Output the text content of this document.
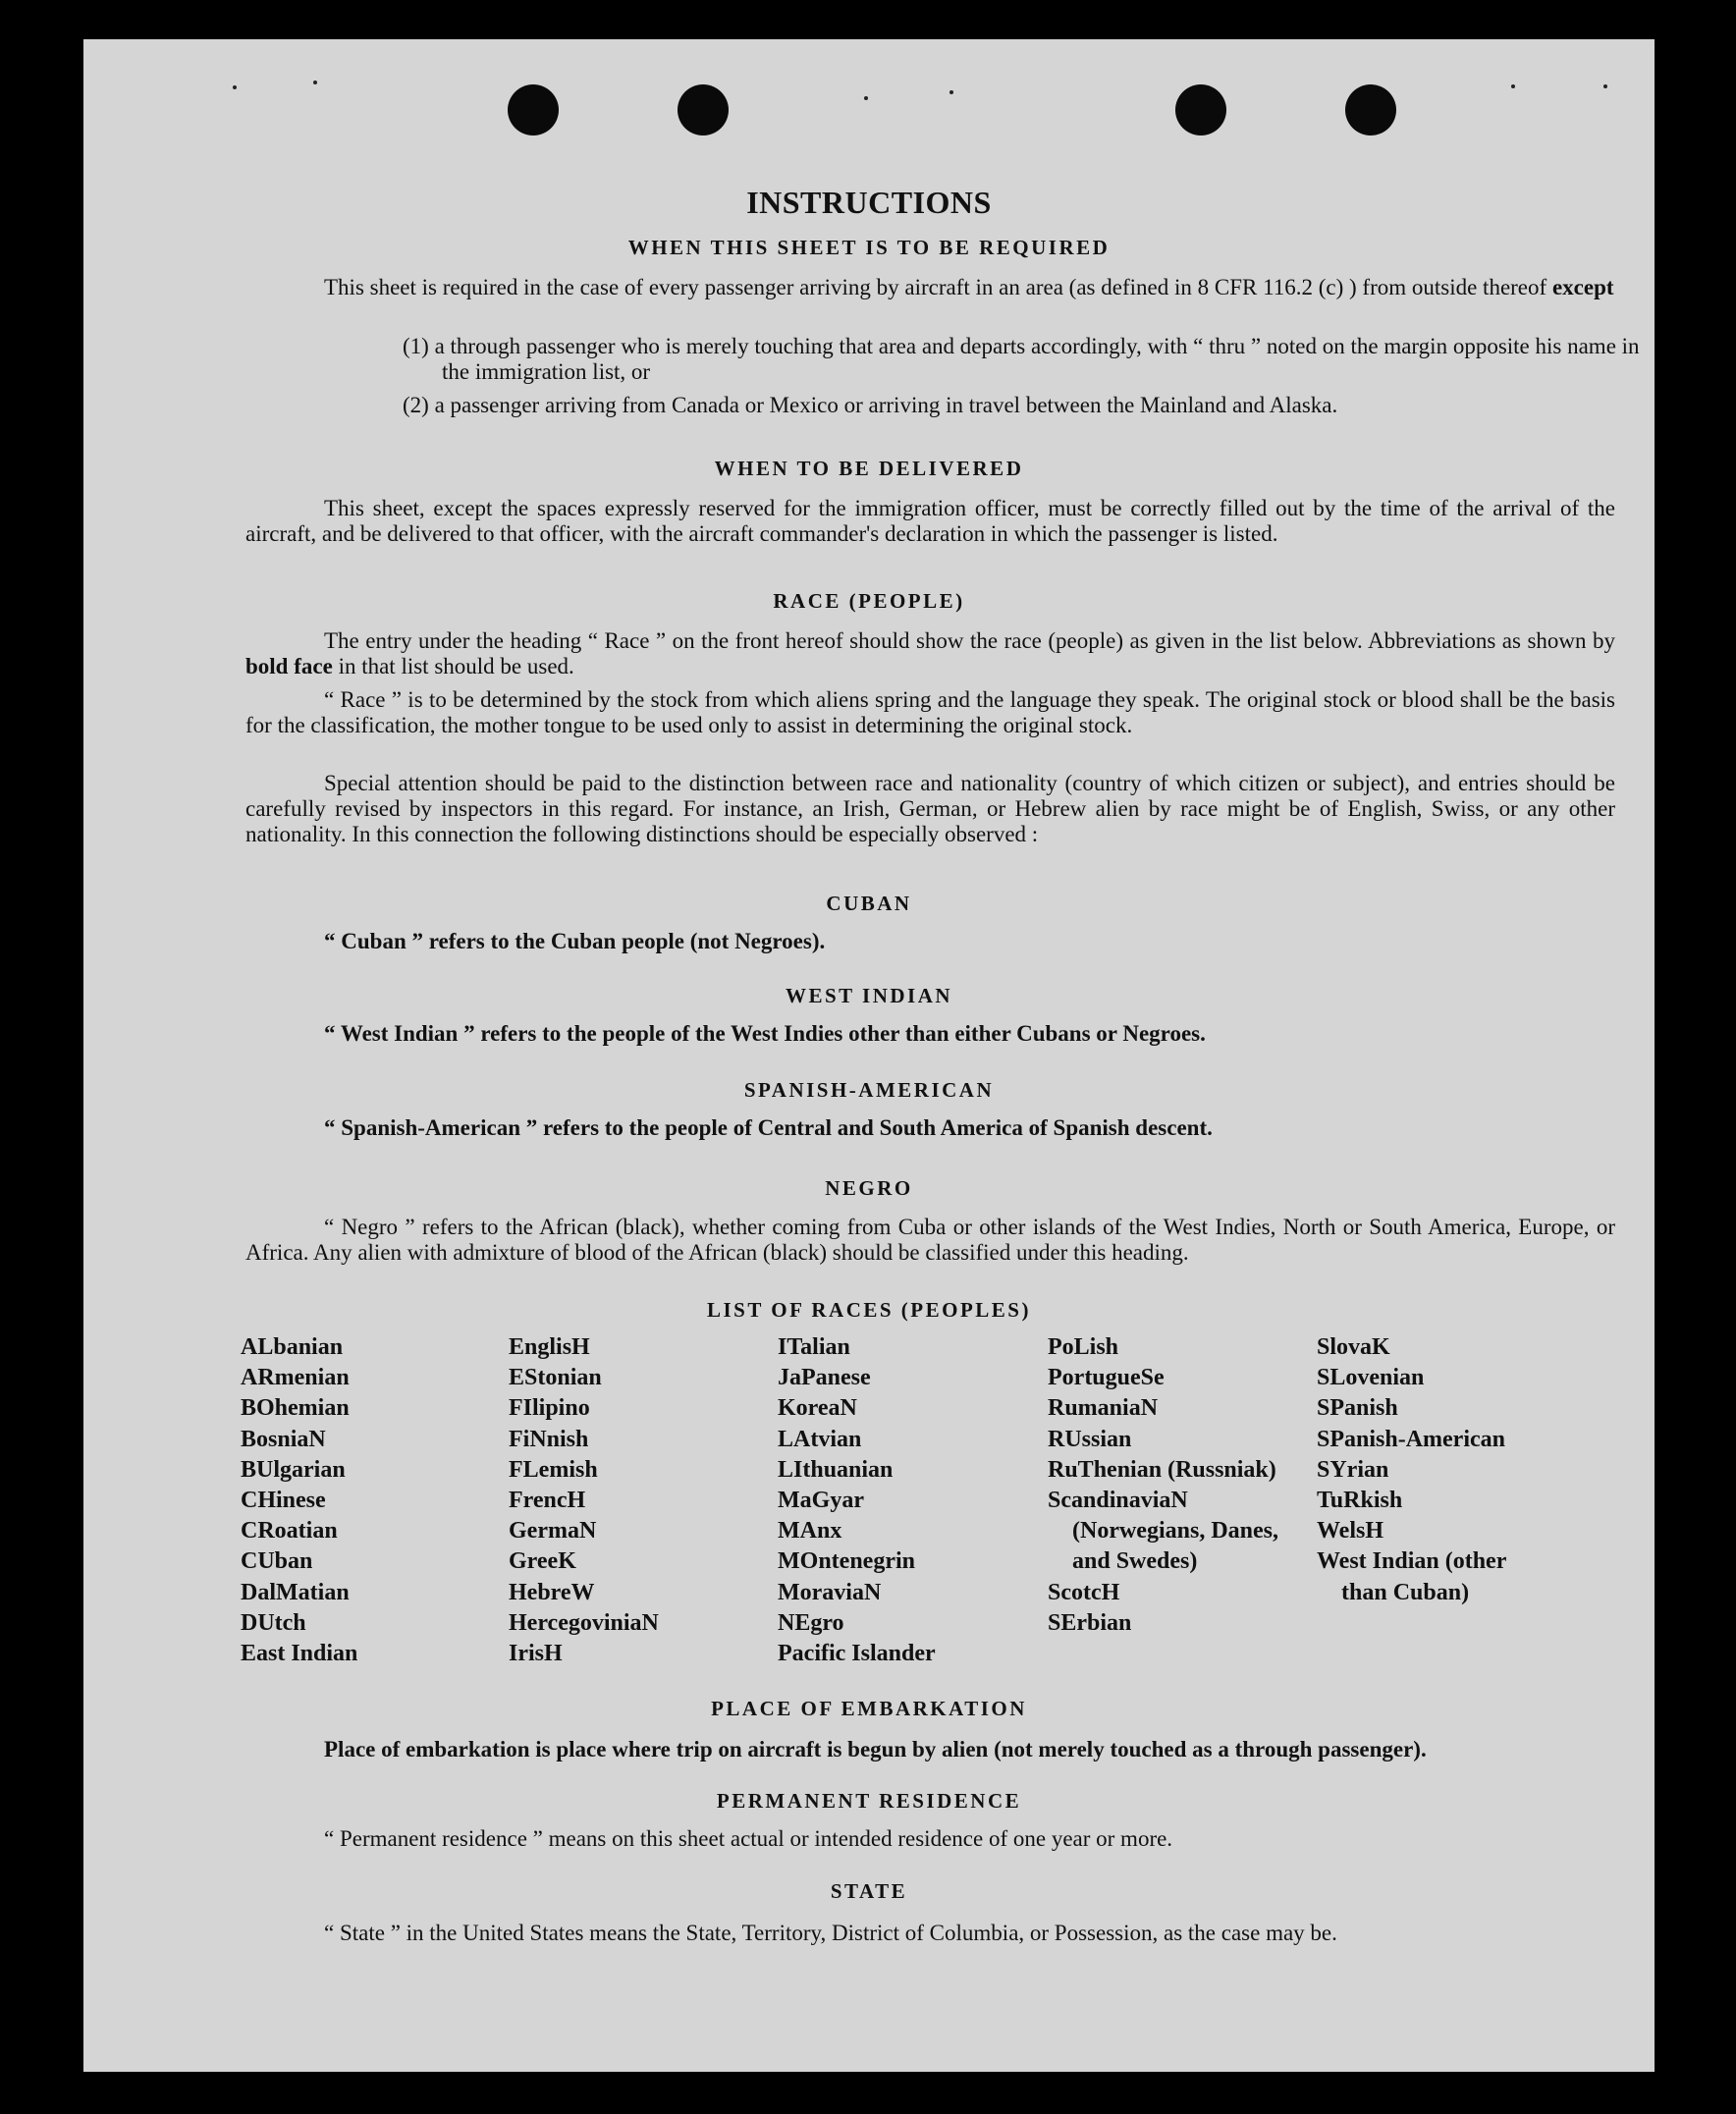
INSTRUCTIONS
WHEN THIS SHEET IS TO BE REQUIRED

This sheet is required in the case of every passenger arriving by aircraft in an area (as defined in 8 CFR 116.2 (c) ) from outside thereof except

(1) a through passenger who is merely touching that area and departs accordingly, with “ thru ” noted on the margin opposite his name in the immigration list, or

(2) a passenger arriving from Canada or Mexico or arriving in travel between the Mainland and Alaska.

WHEN TO BE DELIVERED

This sheet, except the spaces expressly reserved for the immigration officer, must be correctly filled out by the time of the arrival of the aircraft, and be delivered to that officer, with the aircraft commander's declaration in which the passenger is listed.

RACE (PEOPLE)

The entry under the heading “ Race ” on the front hereof should show the race (people) as given in the list below. Abbreviations as shown by bold face in that list should be used.

“ Race ” is to be determined by the stock from which aliens spring and the language they speak. The original stock or blood shall be the basis for the classification, the mother tongue to be used only to assist in determining the original stock.

Special attention should be paid to the distinction between race and nationality (country of which citizen or subject), and entries should be carefully revised by inspectors in this regard. For instance, an Irish, German, or Hebrew alien by race might be of English, Swiss, or any other nationality. In this connection the following distinctions should be especially observed :

CUBAN

“ Cuban ” refers to the Cuban people (not Negroes).

WEST INDIAN

“ West Indian ” refers to the people of the West Indies other than either Cubans or Negroes.

SPANISH-AMERICAN

“ Spanish-American ” refers to the people of Central and South America of Spanish descent.

NEGRO

“ Negro ” refers to the African (black), whether coming from Cuba or other islands of the West Indies, North or South America, Europe, or Africa. Any alien with admixture of blood of the African (black) should be classified under this heading.

LIST OF RACES (PEOPLES)
ALbanian
ARmenian
BOhemian
BosniaN
BUlgarian
CHinese
CRoatian
CUban
DalMatian
DUtch
East Indian
EnglisH
EStonian
FIlipino
FiNnish
FLemish
FrencH
GermaN
GreeK
HebreW
HercegoviniaN
IrisH
ITalian
JaPanese
KoreaN
LAtvian
LIthuanian
MaGyar
MAnx
MOntenegrin
MoraviaN
NEgro
Pacific Islander
PoLish
PortugueSe
RumaniaN
RUssian
RuThenian (Russniak)
ScandinaviaN (Norwegians, Danes, and Swedes)
ScotcH
SErbian
SlovaK
SLovenian
SPanish
SPanish-American
SYrian
TuRkish
WelsH
West Indian (other than Cuban)
PLACE OF EMBARKATION

Place of embarkation is place where trip on aircraft is begun by alien (not merely touched as a through passenger).

PERMANENT RESIDENCE

“ Permanent residence ” means on this sheet actual or intended residence of one year or more.

STATE

“ State ” in the United States means the State, Territory, District of Columbia, or Possession, as the case may be.
